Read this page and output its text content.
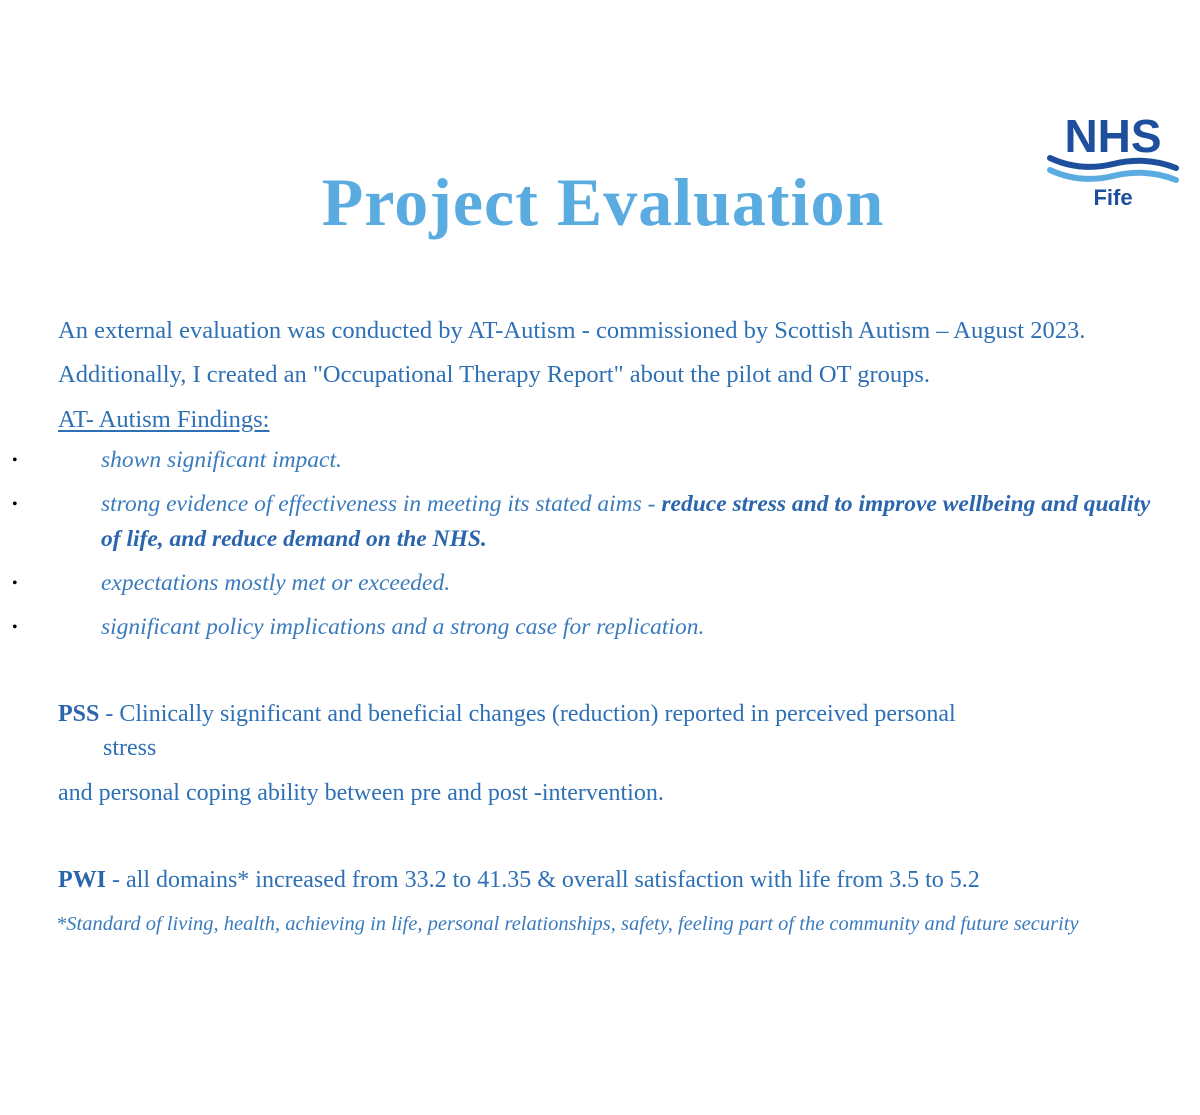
NHS
Fife
Project Evaluation

An external evaluation was conducted by AT-Autism - commissioned by Scottish Autism – August 2023. Additionally, I created an "Occupational Therapy Report" about the pilot and OT groups.

AT- Autism Findings:

•	shown significant impact.
•	strong evidence of effectiveness in meeting its stated aims - reduce stress and to improve wellbeing and quality of life, and reduce demand on the NHS.
•	expectations mostly met or exceeded.
•	significant policy implications and a strong case for replication.

PSS - Clinically significant and beneficial changes (reduction) reported in perceived personal
stress

and personal coping ability between pre and post -intervention.

PWI - all domains* increased from 33.2 to 41.35 & overall satisfaction with life from 3.5 to 5.2

*Standard of living, health, achieving in life, personal relationships, safety, feeling part of the community and future security
